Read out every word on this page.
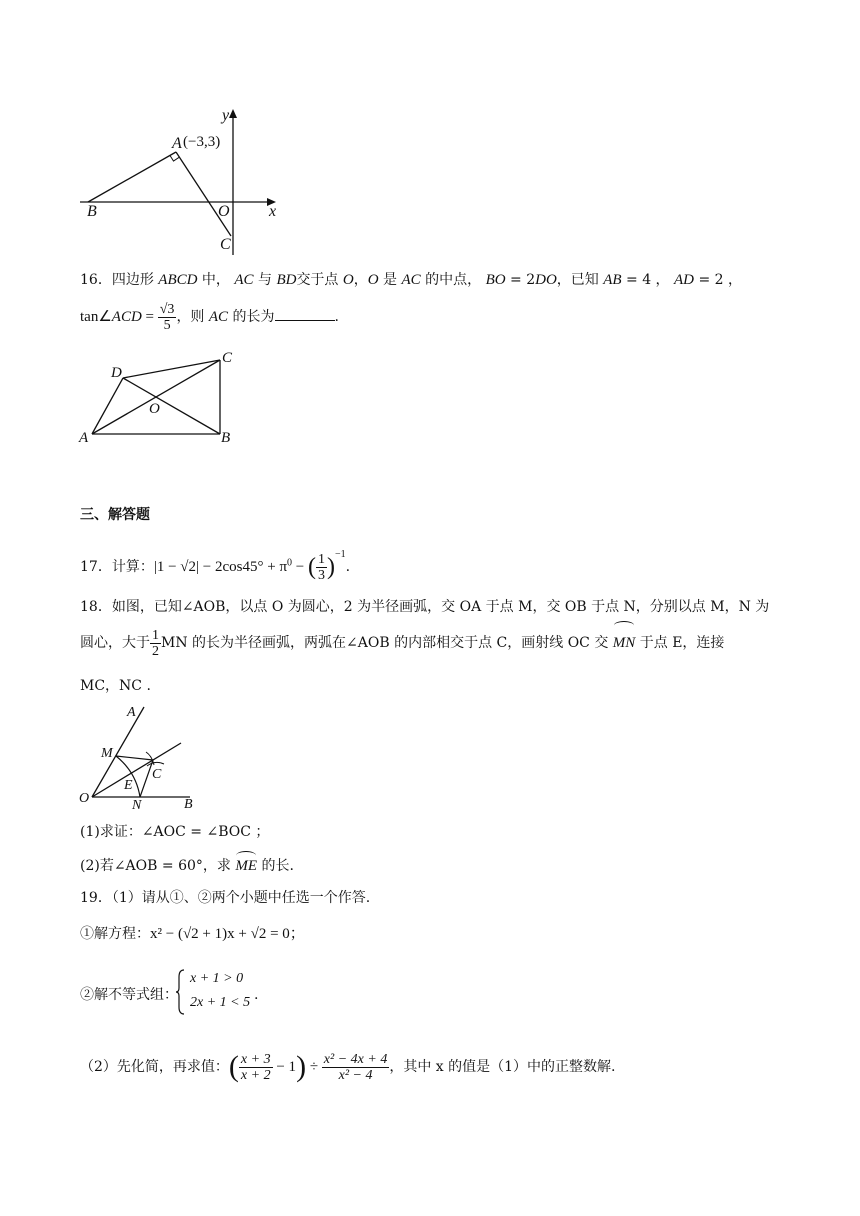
y
x
A (−3,3)
B	O
C
16．四边形 ABCD 中， AC 与 BD交于点 O，O 是 AC 的中点， BO = 2DO，已知 AB = 4 ， AD = 2 ，
tan∠ACD = $\frac{√3}{5}$ ，则 AC 的长为	.
D
C
O
A	B
三、解答题
17．计算：$|1 - √2| - 2\cos 45^\circ + \pi^0$ − ( $\frac{1}{3} )^{-1}$.
18．如图，已知∠AOB，以点 O 为圆心，2 为半径画弧，交 OA 于点 M，交 OB 于点 N，分别以点 M，N 为
圆心，大于 $\frac{1}{2}$ MN 的长为半径画弧，两弧在∠AOB 的内部相交于点 C，画射线 OC 交 MN 于点 E，连接
MC，NC .
A
M
C
E
O	N	B
(1)求证：∠AOC = ∠BOC ；
(2)若∠AOB = 60°，求 ME 的长.
19．（1）请从①、②两个小题中任选一个作答.
①解方程：x² − (√2 + 1)x + √2 = 0；
②解不等式组：
x + 1 > 0
2x + 1 < 5 .
（2）先化简，再求值：( $\frac{x + 3}{x + 2} - 1) \div \frac{\text{x² − 4x + 4}}{\text{x² − 4}}$ ，其中 x 的值是（1）中的正整数解.
